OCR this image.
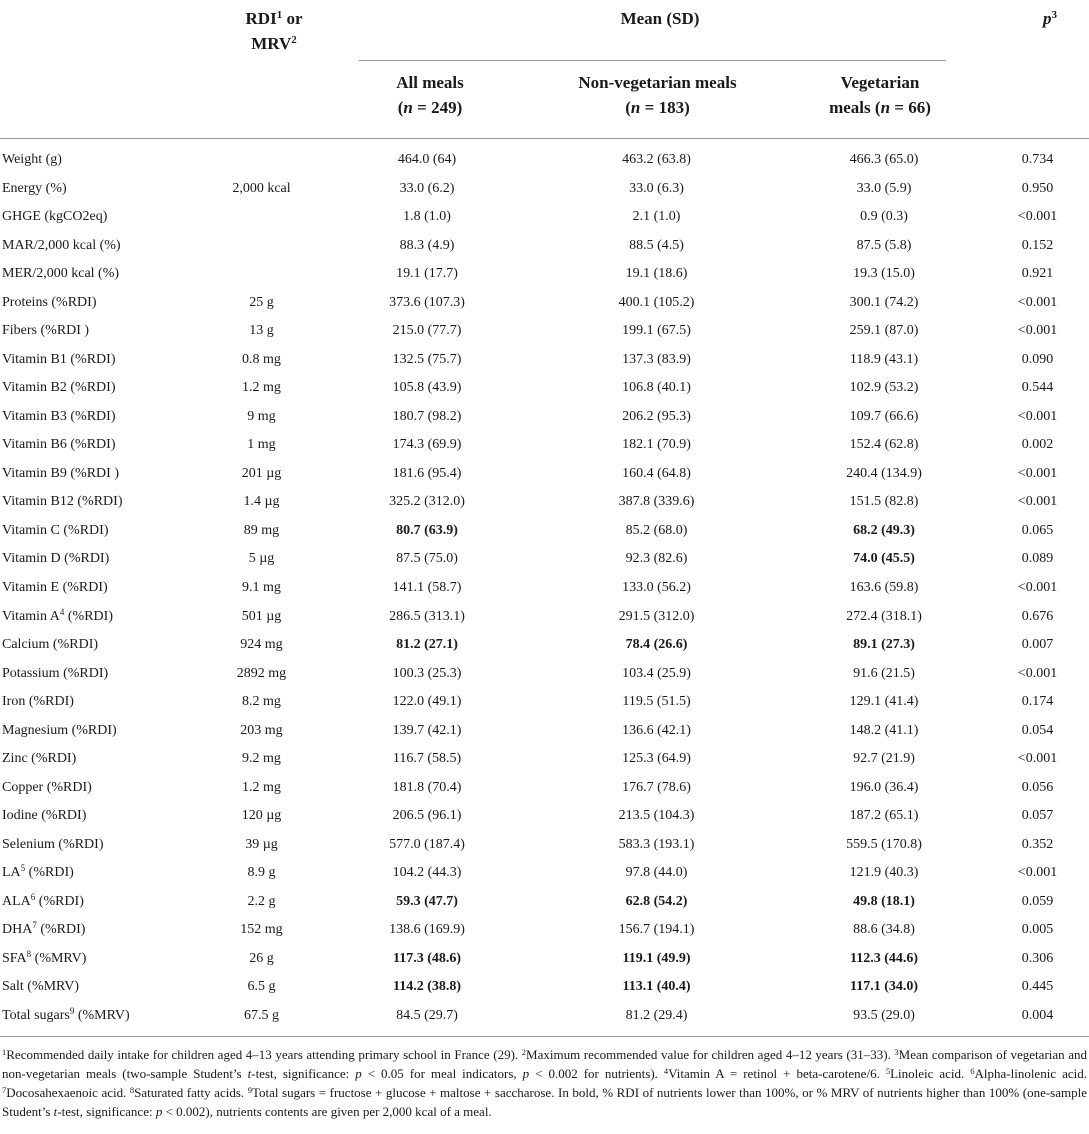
RDI$^1$ or
MRV$^2$
Mean (SD)	$p^3$
All meals
(n = 249)
Non-vegetarian meals
(n = 183)
Vegetarian
meals (n = 66)
Weight (g)		464.0 (64)	463.2 (63.8)	466.3 (65.0)	0.734
Energy (%)	2,000 kcal	33.0 (6.2)	33.0 (6.3)	33.0 (5.9)	0.950
GHGE (kgCO2eq)		1.8 (1.0)	2.1 (1.0)	0.9 (0.3)	<0.001
MAR/2,000 kcal (%)		88.3 (4.9)	88.5 (4.5)	87.5 (5.8)	0.152
MER/2,000 kcal (%)		19.1 (17.7)	19.1 (18.6)	19.3 (15.0)	0.921
Proteins (%RDI)	25 g	373.6 (107.3)	400.1 (105.2)	300.1 (74.2)	<0.001
Fibers (%RDI )	13 g	215.0 (77.7)	199.1 (67.5)	259.1 (87.0)	<0.001
Vitamin B1 (%RDI)	0.8 mg	132.5 (75.7)	137.3 (83.9)	118.9 (43.1)	0.090
Vitamin B2 (%RDI)	1.2 mg	105.8 (43.9)	106.8 (40.1)	102.9 (53.2)	0.544
Vitamin B3 (%RDI)	9 mg	180.7 (98.2)	206.2 (95.3)	109.7 (66.6)	<0.001
Vitamin B6 (%RDI)	1 mg	174.3 (69.9)	182.1 (70.9)	152.4 (62.8)	0.002
Vitamin B9 (%RDI )	201 µg	181.6 (95.4)	160.4 (64.8)	240.4 (134.9)	<0.001
Vitamin B12 (%RDI)	1.4 µg	325.2 (312.0)	387.8 (339.6)	151.5 (82.8)	<0.001
Vitamin C (%RDI)	89 mg	80.7 (63.9)	85.2 (68.0)	68.2 (49.3)	0.065
Vitamin D (%RDI)	5 µg	87.5 (75.0)	92.3 (82.6)	74.0 (45.5)	0.089
Vitamin E (%RDI)	9.1 mg	141.1 (58.7)	133.0 (56.2)	163.6 (59.8)	<0.001
Vitamin $A^4$ (%RDI)	501 µg	286.5 (313.1)	291.5 (312.0)	272.4 (318.1)	0.676
Calcium (%RDI)	924 mg	81.2 (27.1)	78.4 (26.6)	89.1 (27.3)	0.007
Potassium (%RDI)	2892 mg	100.3 (25.3)	103.4 (25.9)	91.6 (21.5)	<0.001
Iron (%RDI)	8.2 mg	122.0 (49.1)	119.5 (51.5)	129.1 (41.4)	0.174
Magnesium (%RDI)	203 mg	139.7 (42.1)	136.6 (42.1)	148.2 (41.1)	0.054
Zinc (%RDI)	9.2 mg	116.7 (58.5)	125.3 (64.9)	92.7 (21.9)	<0.001
Copper (%RDI)	1.2 mg	181.8 (70.4)	176.7 (78.6)	196.0 (36.4)	0.056
Iodine (%RDI)	120 µg	206.5 (96.1)	213.5 (104.3)	187.2 (65.1)	0.057
Selenium (%RDI)	39 µg	577.0 (187.4)	583.3 (193.1)	559.5 (170.8)	0.352
$LA^5$ (%RDI)	8.9 g	104.2 (44.3)	97.8 (44.0)	121.9 (40.3)	<0.001
ALA$^6$ (%RDI)	2.2 g	59.3 (47.7)	62.8 (54.2)	49.8 (18.1)	0.059
DHA$^7$ (%RDI)	152 mg	138.6 (169.9)	156.7 (194.1)	88.6 (34.8)	0.005
SFA$^8$ (%MRV)	26 g	117.3 (48.6)	119.1 (49.9)	112.3 (44.6)	0.306
Salt (%MRV)	6.5 g	114.2 (38.8)	113.1 (40.4)	117.1 (34.0)	0.445
Total sugars$^9$ (%MRV)	67.5 g	84.5 (29.7)	81.2 (29.4)	93.5 (29.0)	0.004
$^1$Recommended daily intake for children aged 4–13 years attending primary school in France (29). $^2$Maximum recommended value for children aged 4–12 years (31–33). $^3$Mean comparison of vegetarian and non-vegetarian meals (two-sample Student’s t-test, significance: p < 0.05 for meal indicators, p < 0.002 for nutrients). $^4$Vitamin A = retinol + beta-carotene/6. $^5$Linoleic acid. $^6$Alpha-linolenic acid. $^7$Docosahexaenoic acid. $^8$Saturated fatty acids. $^9$Total sugars = fructose + glucose + maltose + saccharose. In bold, % RDI of nutrients lower than 100%, or % MRV of nutrients higher than 100% (one-sample Student’s t-test, significance: p < 0.002), nutrients contents are given per 2,000 kcal of a meal.
